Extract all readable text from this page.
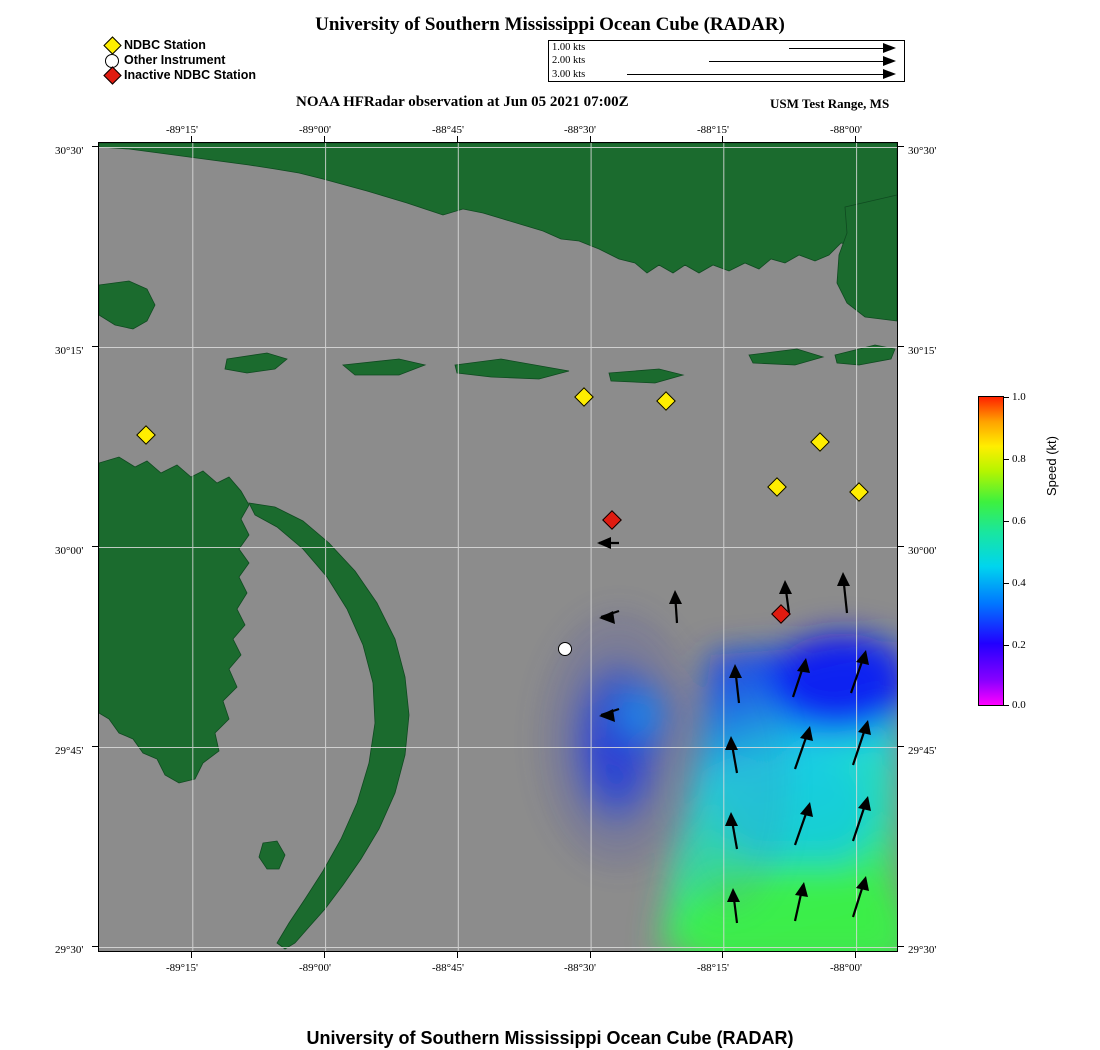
University of Southern Mississippi Ocean Cube (RADAR)
NDBC Station
Other Instrument
Inactive NDBC Station
1.00 kts
2.00 kts
3.00 kts
NOAA HFRadar observation at Jun 05 2021 07:00Z	USM Test Range, MS
-89°15'	-89°00'	-88°45'	-88°30'	-88°15'	-88°00'
-89°15'	-89°00'	-88°45'	-88°30'	-88°15'	-88°00'
30°30'
30°15'
30°00'
29°45'
29°30'
30°30'
30°15'
30°00'
29°45'
29°30'
1.0
0.8
0.6
0.4
0.2
0.0
Speed (kt)
University of Southern Mississippi Ocean Cube (RADAR)
